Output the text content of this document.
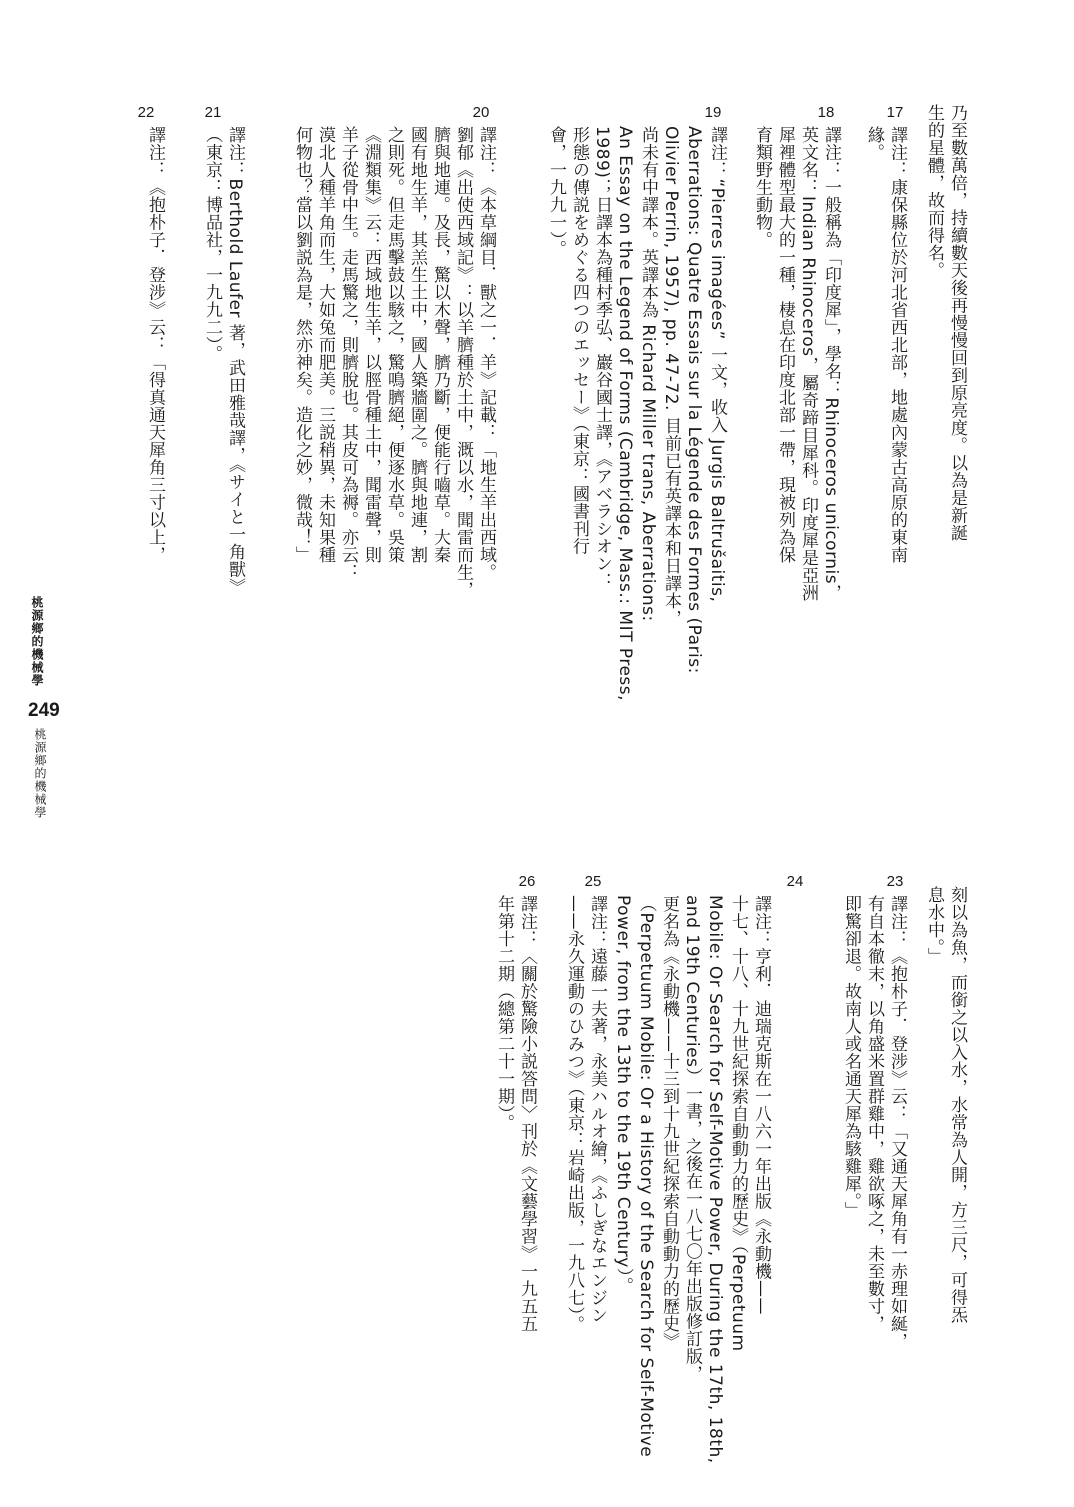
乃至數萬倍，持續數天後再慢慢回到原亮度。以為是新誕
生的星體，故而得名。
17
譯注：康保縣位於河北省西北部，地處內蒙古高原的東南
緣。
18
譯注：一般稱為「印度犀」，學名：Rhinoceros unicornis，
英文名：Indian Rhinoceros，屬奇蹄目犀科。印度犀是亞洲
犀裡體型最大的一種，棲息在印度北部一帶，現被列為保
育類野生動物。
19
譯注：“Pierres imagées” 一文，收入 Jurgis Baltrušaitis,
Aberrations: Quatre Essais sur la Légende des Formes (Paris:
Olivier Perrin, 1957), pp. 47-72. 目前已有英譯本和日譯本，
尚未有中譯本。英譯本為 Richard Miller trans, Aberrations:
An Essay on the Legend of Forms (Cambridge, Mass.: MIT Press,
1989)；日譯本為種村季弘、巖谷國士譯，《アベラシオン：
形態の傳説をめぐる四つのエッセー》（東京：國書刊行
會，一九九一）。
20
譯注：《本草綱目．獸之一．羊》記載：「地生羊出西域。
劉郁《出使西域記》：以羊臍種於土中，溉以水，聞雷而生，
臍與地連。及長，驚以木聲，臍乃斷，便能行嚙草。大秦
國有地生羊，其羔生土中，國人築牆圍之。臍與地連，割
之則死。但走馬擊鼓以駭之，驚鳴臍絕，便逐水草。吳策
《淵類集》云：西域地生羊，以脛骨種土中，聞雷聲，則
羊子從骨中生。走馬驚之，則臍脫也。其皮可為褥。亦云：
漠北人種羊角而生，大如兔而肥美。三説稍異，未知果種
何物也？當以劉説為是，然亦神矣。造化之妙，微哉！」
21
譯注：Berthold Laufer 著，武田雅哉譯，《サイと一角獸》
（東京：博品社，一九九二）。
22
譯注：《抱朴子．登涉》云：「得真通天犀角三寸以上，
刻以為魚，而銜之以入水，水常為人開，方三尺，可得炁
息水中。」
23
譯注：《抱朴子．登涉》云：「又通天犀角有一赤理如綖，
有自本徹末，以角盛米置群雞中，雞欲啄之，未至數寸，
即驚卻退。故南人或名通天犀為駭雞犀。」
24
譯注：亨利．迪瑞克斯在一八六一年出版《永動機——
十七、十八、十九世紀探索自動動力的歷史》（Perpetuum
Mobile: Or Search for Self-Motive Power, During the 17th, 18th,
and 19th Centuries）一書，之後在一八七〇年出版修訂版，
更名為《永動機——十三到十九世紀探索自動動力的歷史》
（Perpetuum Mobile: Or a History of the Search for Self-Motive
Power, from the 13th to the 19th Century）。
25
譯注：遠藤一夫著，永美ハルオ繪，《ふしぎなエンジン
——永久運動のひみつ》（東京：岩崎出版，一九八七）。
26
譯注：〈關於驚險小説答問〉刊於《文藝學習》一九五五
年第十二期（總第二十一期）。
桃源鄉的機械學
249
桃源鄉的機械學
